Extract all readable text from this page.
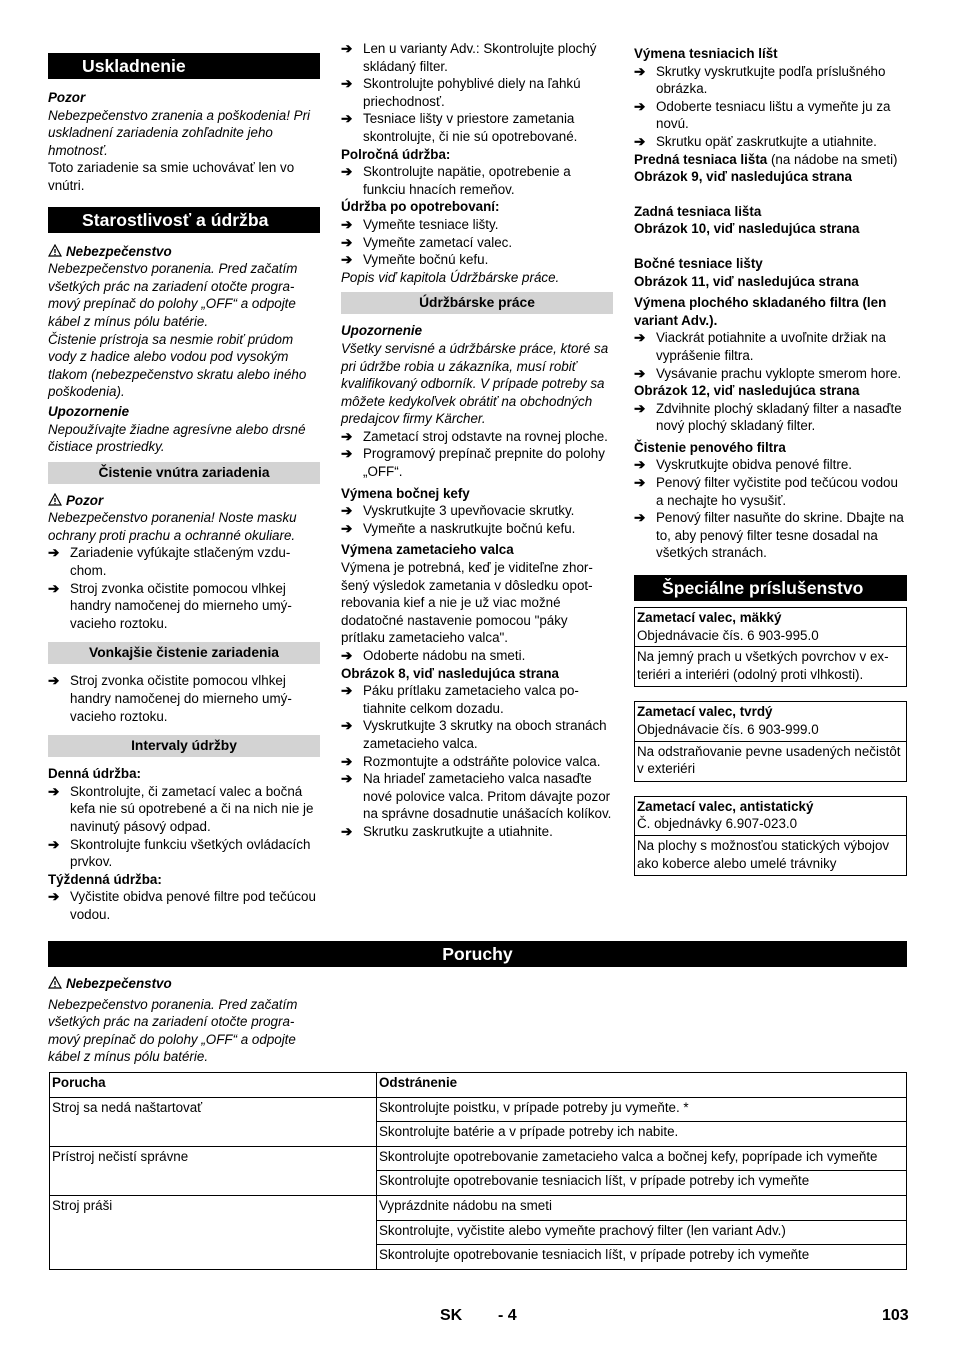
Uskladnenie

Pozor

Nebezpečenstvo zranenia a poškodenia! Pri uskladnení zariadenia zohľadnite jeho hmotnosť.

Toto zariadenie sa smie uchovávať len vo vnútri.

Starostlivosť a údržba

Nebezpečenstvo

Nebezpečenstvo poranenia. Pred začatím všetkých prác na zariadení otočte programový prepínač do polohy „OFF“ a odpojte kábel z mínus pólu batérie.

Čistenie prístroja sa nesmie robiť prúdom vody z hadice alebo vodou pod vysokým tlakom (nebezpečenstvo skratu alebo iného poškodenia).

Upozornenie

Nepoužívajte žiadne agresívne alebo drsné čistiace prostriedky.

Čistenie vnútra zariadenia

Pozor

Nebezpečenstvo poranenia! Noste masku ochrany proti prachu a ochranné okuliare.

➔ Zariadenie vyfúkajte stlačeným vzduchom.
➔ Stroj zvonka očistite pomocou vlhkej handry namočenej do mierneho umývacieho roztoku.
Vonkajšie čistenie zariadenia
➔ Stroj zvonka očistite pomocou vlhkej handry namočenej do mierneho umývacieho roztoku.
Intervaly údržby

Denná údržba:

➔ Skontrolujte, či zametací valec a bočná kefa nie sú opotrebené a či na nich nie je navinutý pásový odpad.
➔ Skontrolujte funkciu všetkých ovládacích prvkov.

Týždenná údržba:

➔ Vyčistite obidva penové filtre pod tečúcou vodou.
➔ Len u varianty Adv.: Skontrolujte plochý skládaný filter.
➔ Skontrolujte pohyblivé diely na ľahkú priechodnosť.
➔ Tesniace lišty v priestore zametania skontrolujte, či nie sú opotrebované.

Polročná údržba:

➔ Skontrolujte napätie, opotrebenie a funkciu hnacích remeňov.

Údržba po opotrebovaní:

➔ Vymeňte tesniace lišty.
➔ Vymeňte zametací valec.
➔ Vymeňte bočnú kefu.

Popis viď kapitola Údržbárske práce.

Údržbárske práce

Upozornenie

Všetky servisné a údržbárske práce, ktoré sa pri údržbe robia u zákazníka, musí robiť kvalifikovaný odborník. V prípade potreby sa môžete kedykoľvek obrátiť na obchodných predajcov firmy Kärcher.

➔ Zametací stroj odstavte na rovnej ploche.
➔ Programový prepínač prepnite do polohy „OFF“.

Výmena bočnej kefy

➔ Vyskrutkujte 3 upevňovacie skrutky.
➔ Vymeňte a naskrutkujte bočnú kefu.

Výmena zametacieho valca

Výmena je potrebná, keď je viditeľne zhoršený výsledok zametania v dôsledku opotrebovania kief a nie je už viac možné dodatočné nastavenie pomocou "páky prítlaku zametacieho valca".

➔ Odoberte nádobu na smeti.

Obrázok 8, viď nasledujúca strana

➔ Páku prítlaku zametacieho valca potiahnite celkom dozadu.
➔ Vyskrutkujte 3 skrutky na oboch stranách zametacieho valca.
➔ Rozmontujte a odstráňte polovice valca.
➔ Na hriadeľ zametacieho valca nasaďte nové polovice valca. Pritom dávajte pozor na správne dosadnutie unášacích kolíkov.
➔ Skrutku zaskrutkujte a utiahnite.

Výmena tesniacich líšt

➔ Skrutky vyskrutkujte podľa príslušného obrázka.
➔ Odoberte tesniacu lištu a vymeňte ju za novú.
➔ Skrutku opäť zaskrutkujte a utiahnite.

Predná tesniaca lišta (na nádobe na smeti)

Obrázok 9, viď nasledujúca strana

Zadná tesniaca lišta

Obrázok 10, viď nasledujúca strana

Bočné tesniace lišty

Obrázok 11, viď nasledujúca strana

Výmena plochého skladaného filtra (len variant Adv.).

➔ Viackrát potiahnite a uvoľnite držiak na vyprášenie filtra.
➔ Vysávanie prachu vyklopte smerom hore.

Obrázok 12, viď nasledujúca strana

➔ Zdvihnite plochý skladaný filter a nasaďte nový plochý skladaný filter.

Čistenie penového filtra

➔ Vyskrutkujte obidva penové filtre.
➔ Penový filter vyčistite pod tečúcou vodou a nechajte ho vysušiť.
➔ Penový filter nasuňte do skrine. Dbajte na to, aby penový filter tesne dosadal na všetkých stranách.
Špeciálne príslušenstvo

Zametací valec, mäkký

Objednávacie čís. 6 903-995.0

Na jemný prach u všetkých povrchov v exteriéri a interiéri (odolný proti vlhkosti).

Zametací valec, tvrdý

Objednávacie čís. 6 903-999.0

Na odstraňovanie pevne usadených nečistôt v exteriéri

Zametací valec, antistatický

Č. objednávky 6.907-023.0

Na plochy s možnosťou statických výbojov ako koberce alebo umelé trávniky
Poruchy

Nebezpečenstvo

Nebezpečenstvo poranenia. Pred začatím všetkých prác na zariadení otočte programový prepínač do polohy „OFF“ a odpojte kábel z mínus pólu batérie.

Porucha	Odstránenie
Stroj sa nedá naštartovať	Skontrolujte poistku, v prípade potreby ju vymeňte. *
	Skontrolujte batérie a v prípade potreby ich nabite.
Prístroj nečistí správne	Skontrolujte opotrebovanie zametacieho valca a bočnej kefy, poprípade ich vymeňte
	Skontrolujte opotrebovanie tesniacich líšt, v prípade potreby ich vymeňte
Stroj práši	Vyprázdnite nádobu na smeti
	Skontrolujte, vyčistite alebo vymeňte prachový filter (len variant Adv.)
	Skontrolujte opotrebovanie tesniacich líšt, v prípade potreby ich vymeňte
SK - 4	103
